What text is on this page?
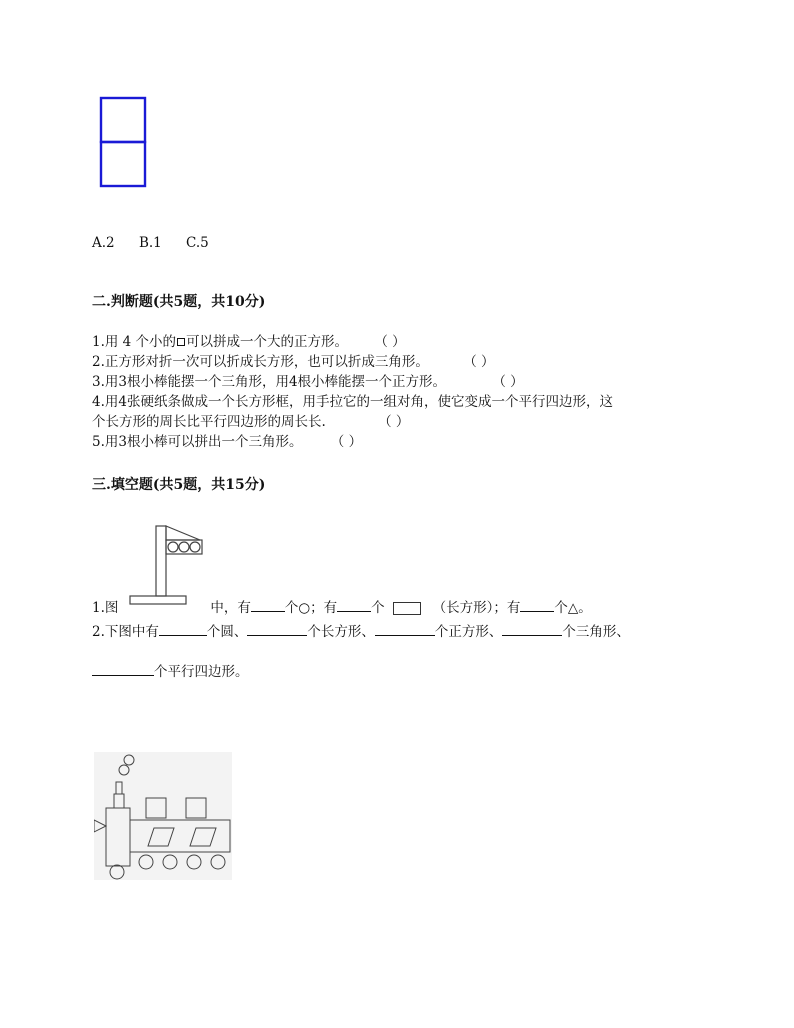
A.2 B.1 C.5
二.判断题(共5题，共10分)
1.用 4 个小的 可以拼成一个大的正方形。 （ ）
2.正方形对折一次可以折成长方形，也可以折成三角形。	（ ）
3.用3根小棒能摆一个三角形，用4根小棒能摆一个正方形。	（ ）
4.用4张硬纸条做成一个长方形框，用手拉它的一组对角，使它变成一个平行四边形，这
个长方形的周长比平行四边形的周长长.	（ ）
5.用3根小棒可以拼出一个三角形。 （ ）
三.填空题(共5题，共15分)
1.图	中，有	个○；有	个	（长方形）；有	个△。
2.下图中有	个圆、	个长方形、	个正方形、	个三角形、
个平行四边形。
